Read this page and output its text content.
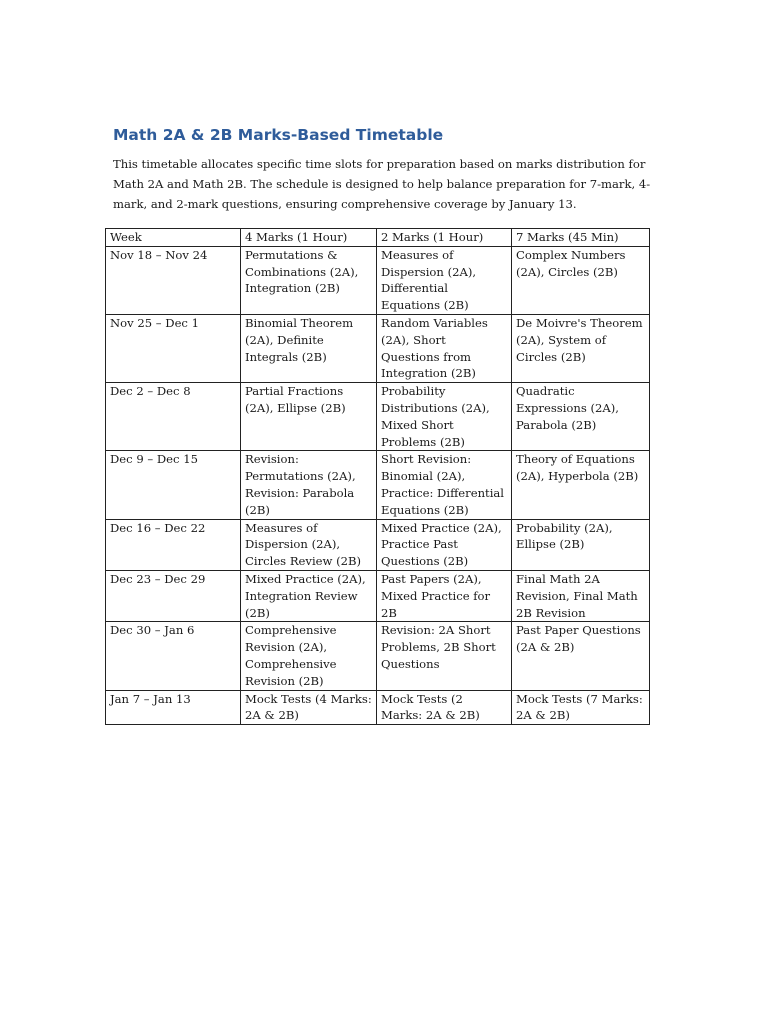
Math 2A & 2B Marks-Based Timetable

This timetable allocates specific time slots for preparation based on marks distribution for Math 2A and Math 2B. The schedule is designed to help balance preparation for 7-mark, 4-mark, and 2-mark questions, ensuring comprehensive coverage by January 13.

Week	4 Marks (1 Hour)	2 Marks (1 Hour)	7 Marks (45 Min)
Nov 18 – Nov 24	Permutations & Combinations (2A), Integration (2B)	Measures of Dispersion (2A), Differential Equations (2B)	Complex Numbers (2A), Circles (2B)
Nov 25 – Dec 1	Binomial Theorem (2A), Definite Integrals (2B)	Random Variables (2A), Short Questions from Integration (2B)	De Moivre's Theorem (2A), System of Circles (2B)
Dec 2 – Dec 8	Partial Fractions (2A), Ellipse (2B)	Probability Distributions (2A), Mixed Short Problems (2B)	Quadratic Expressions (2A), Parabola (2B)
Dec 9 – Dec 15	Revision: Permutations (2A), Revision: Parabola (2B)	Short Revision: Binomial (2A), Practice: Differential Equations (2B)	Theory of Equations (2A), Hyperbola (2B)
Dec 16 – Dec 22	Measures of Dispersion (2A), Circles Review (2B)	Mixed Practice (2A), Practice Past Questions (2B)	Probability (2A), Ellipse (2B)
Dec 23 – Dec 29	Mixed Practice (2A), Integration Review (2B)	Past Papers (2A), Mixed Practice for 2B	Final Math 2A Revision, Final Math 2B Revision
Dec 30 – Jan 6	Comprehensive Revision (2A), Comprehensive Revision (2B)	Revision: 2A Short Problems, 2B Short Questions	Past Paper Questions (2A & 2B)
Jan 7 – Jan 13	Mock Tests (4 Marks: 2A & 2B)	Mock Tests (2 Marks: 2A & 2B)	Mock Tests (7 Marks: 2A & 2B)
